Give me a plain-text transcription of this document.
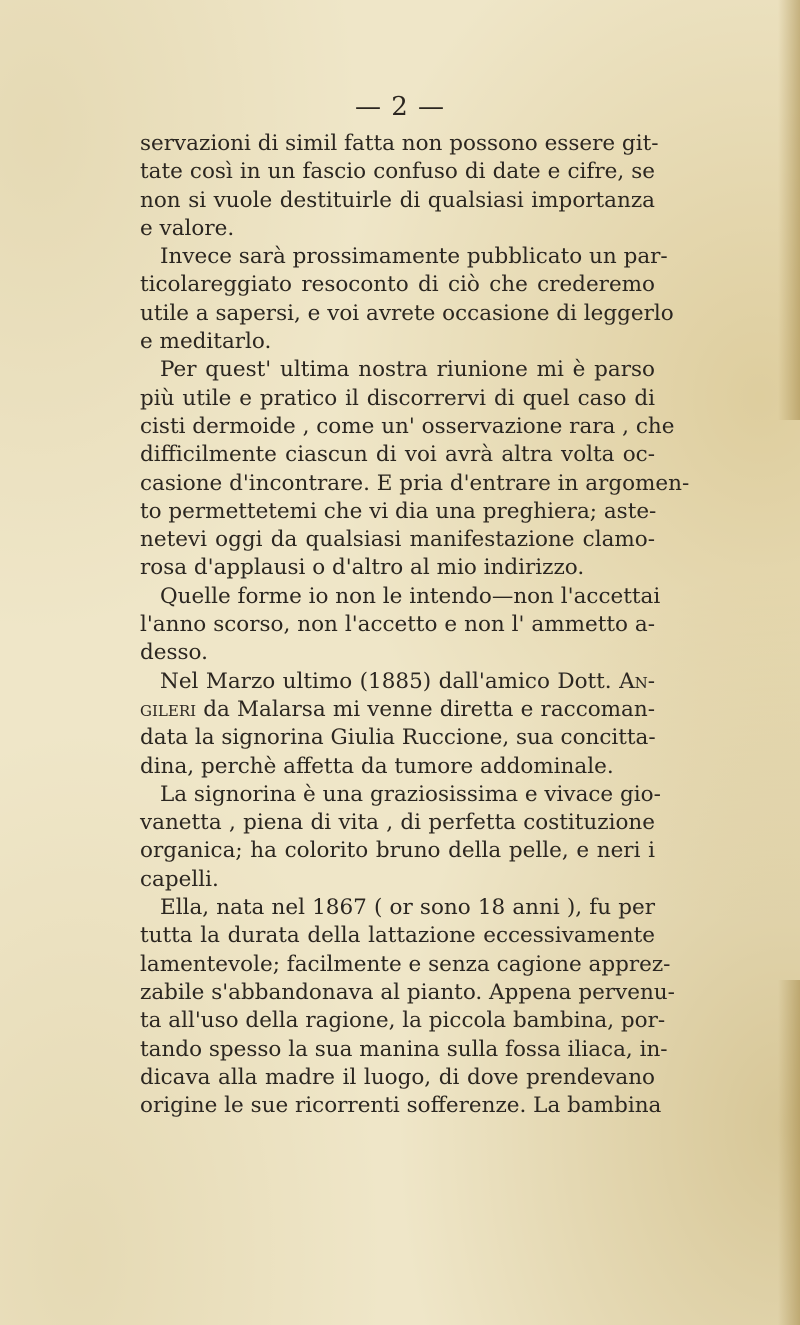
— 2 —
servazioni di simil fatta non possono essere git-
tate così in un fascio confuso di date e cifre, se
non si vuole destituirle di qualsiasi importanza
e valore.
Invece sarà prossimamente pubblicato un par-
ticolareggiato resoconto di ciò che crederemo
utile a sapersi, e voi avrete occasione di leggerlo
e meditarlo.
Per quest' ultima nostra riunione mi è parso
più utile e pratico il discorrervi di quel caso di
cisti dermoide , come un' osservazione rara , che
difficilmente ciascun di voi avrà altra volta oc-
casione d'incontrare. E pria d'entrare in argomen-
to permettetemi che vi dia una preghiera; aste-
netevi oggi da qualsiasi manifestazione clamo-
rosa d'applausi o d'altro al mio indirizzo.
Quelle forme io non le intendo—non l'accettai
l'anno scorso, non l'accetto e non l' ammetto a-
desso.
Nel Marzo ultimo (1885) dall'amico Dott. An-
gileri da Malarsa mi venne diretta e raccoman-
data la signorina Giulia Ruccione, sua concitta-
dina, perchè affetta da tumore addominale.
La signorina è una graziosissima e vivace gio-
vanetta , piena di vita , di perfetta costituzione
organica; ha colorito bruno della pelle, e neri i
capelli.
Ella, nata nel 1867 ( or sono 18 anni ), fu per
tutta la durata della lattazione eccessivamente
lamentevole; facilmente e senza cagione apprez-
zabile s'abbandonava al pianto. Appena pervenu-
ta all'uso della ragione, la piccola bambina, por-
tando spesso la sua manina sulla fossa iliaca, in-
dicava alla madre il luogo, di dove prendevano
origine le sue ricorrenti sofferenze. La bambina
